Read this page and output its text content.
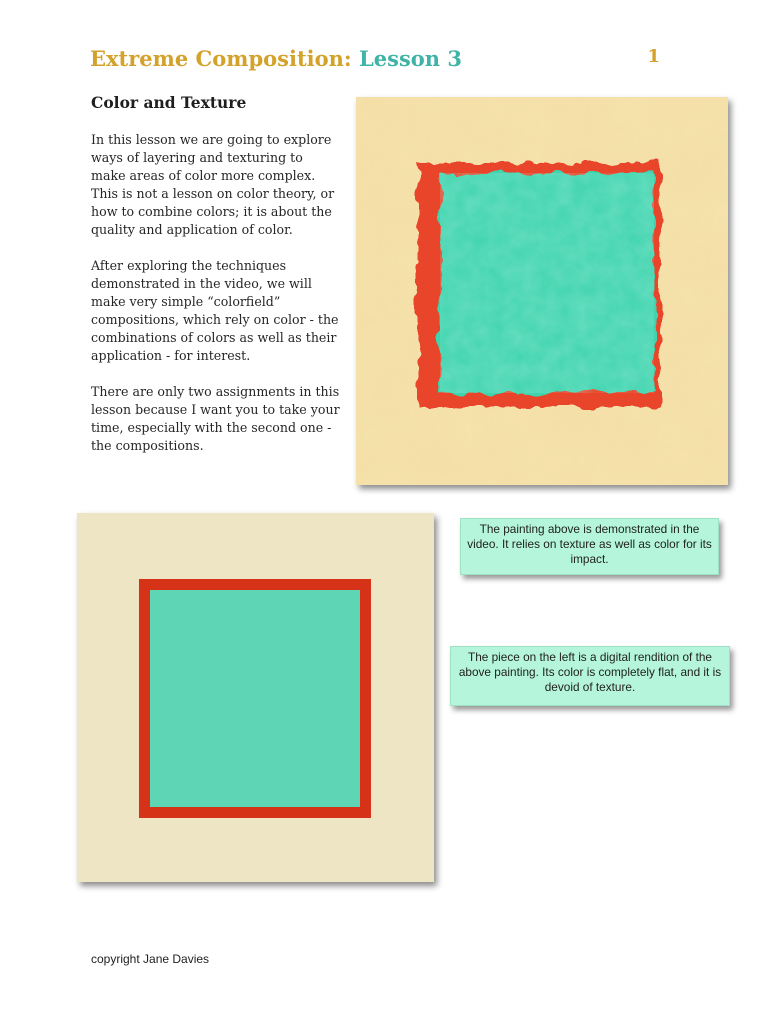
Extreme Composition: Lesson 3	1
Color and Texture

In this lesson we are going to explore ways of layering and texturing to make areas of color more complex. This is not a lesson on color theory, or how to combine colors; it is about the quality and application of color.

After exploring the techniques demonstrated in the video, we will make very simple “colorfield” compositions, which rely on color - the combinations of colors as well as their application - for interest.

There are only two assignments in this lesson because I want you to take your time, especially with the second one - the compositions.

The painting above is demonstrated in the video. It relies on texture as well as color for its impact.
The piece on the left is a digital rendition of the above painting. Its color is completely flat, and it is devoid of texture.
copyright Jane Davies
